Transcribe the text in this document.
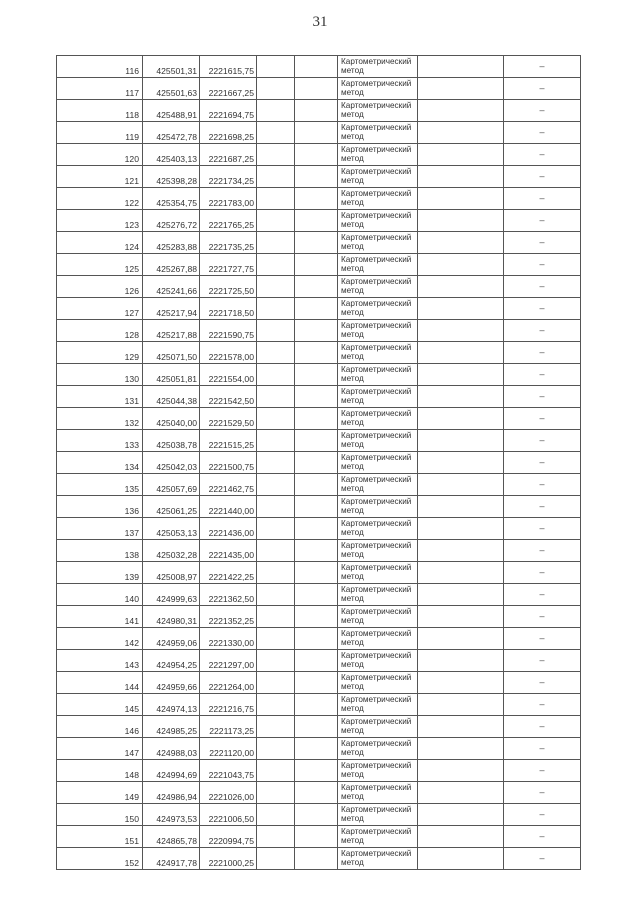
31
116	425501,31	2221615,75			Картометрический метод		–
117	425501,63	2221667,25			Картометрический метод		–
118	425488,91	2221694,75			Картометрический метод		–
119	425472,78	2221698,25			Картометрический метод		–
120	425403,13	2221687,25			Картометрический метод		–
121	425398,28	2221734,25			Картометрический метод		–
122	425354,75	2221783,00			Картометрический метод		–
123	425276,72	2221765,25			Картометрический метод		–
124	425283,88	2221735,25			Картометрический метод		–
125	425267,88	2221727,75			Картометрический метод		–
126	425241,66	2221725,50			Картометрический метод		–
127	425217,94	2221718,50			Картометрический метод		–
128	425217,88	2221590,75			Картометрический метод		–
129	425071,50	2221578,00			Картометрический метод		–
130	425051,81	2221554,00			Картометрический метод		–
131	425044,38	2221542,50			Картометрический метод		–
132	425040,00	2221529,50			Картометрический метод		–
133	425038,78	2221515,25			Картометрический метод		–
134	425042,03	2221500,75			Картометрический метод		–
135	425057,69	2221462,75			Картометрический метод		–
136	425061,25	2221440,00			Картометрический метод		–
137	425053,13	2221436,00			Картометрический метод		–
138	425032,28	2221435,00			Картометрический метод		–
139	425008,97	2221422,25			Картометрический метод		–
140	424999,63	2221362,50			Картометрический метод		–
141	424980,31	2221352,25			Картометрический метод		–
142	424959,06	2221330,00			Картометрический метод		–
143	424954,25	2221297,00			Картометрический метод		–
144	424959,66	2221264,00			Картометрический метод		–
145	424974,13	2221216,75			Картометрический метод		–
146	424985,25	2221173,25			Картометрический метод		–
147	424988,03	2221120,00			Картометрический метод		–
148	424994,69	2221043,75			Картометрический метод		–
149	424986,94	2221026,00			Картометрический метод		–
150	424973,53	2221006,50			Картометрический метод		–
151	424865,78	2220994,75			Картометрический метод		–
152	424917,78	2221000,25			Картометрический метод		–
